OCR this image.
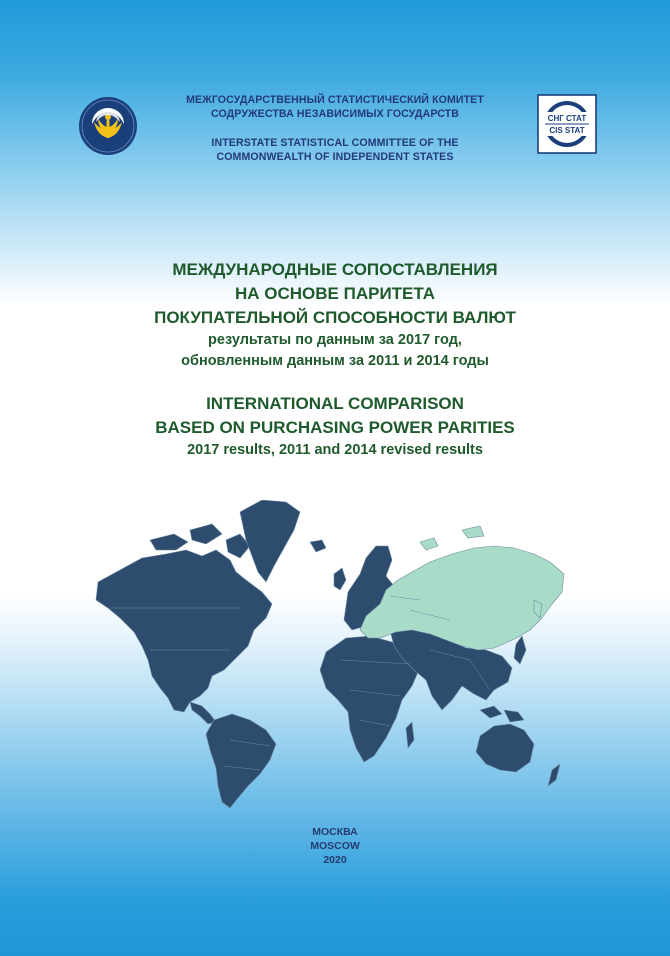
МЕЖГОСУДАРСТВЕННЫЙ СТАТИСТИЧЕСКИЙ КОМИТЕТ
СОДРУЖЕСТВА НЕЗАВИСИМЫХ ГОСУДАРСТВ
INTERSTATE STATISTICAL COMMITTEE OF THE
COMMONWEALTH OF INDEPENDENT STATES
СНГ СТАТ
CIS STAT

МЕЖДУНАРОДНЫЕ СОПОСТАВЛЕНИЯ

НА ОСНОВЕ ПАРИТЕТА

ПОКУПАТЕЛЬНОЙ СПОСОБНОСТИ ВАЛЮТ

результаты по данным за 2017 год,

обновленным данным за 2011 и 2014 годы

INTERNATIONAL COMPARISON

BASED ON PURCHASING POWER PARITIES

2017 results, 2011 and 2014 revised results

МОСКВА
MOSCOW
2020
